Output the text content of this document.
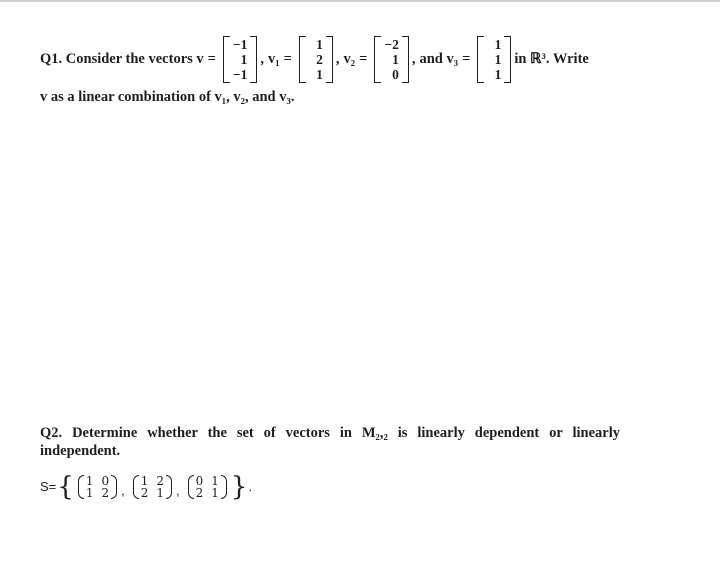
Q1.
Consider the vectors
v =
−1
1
−1
, v₁ =
1
2
1
, v₂ =
−2
1
0
, and
v₃ =
1
1
1
in ℝ³. Write
v as a linear combination of v₁, v₂, and v₃.
Q2. Determine whether the set of vectors in M₂,₂ is linearly dependent or linearly independent.
S= { 1 0
1 2 ,
1 2
2 1 ,
0 1
2 1 } .
